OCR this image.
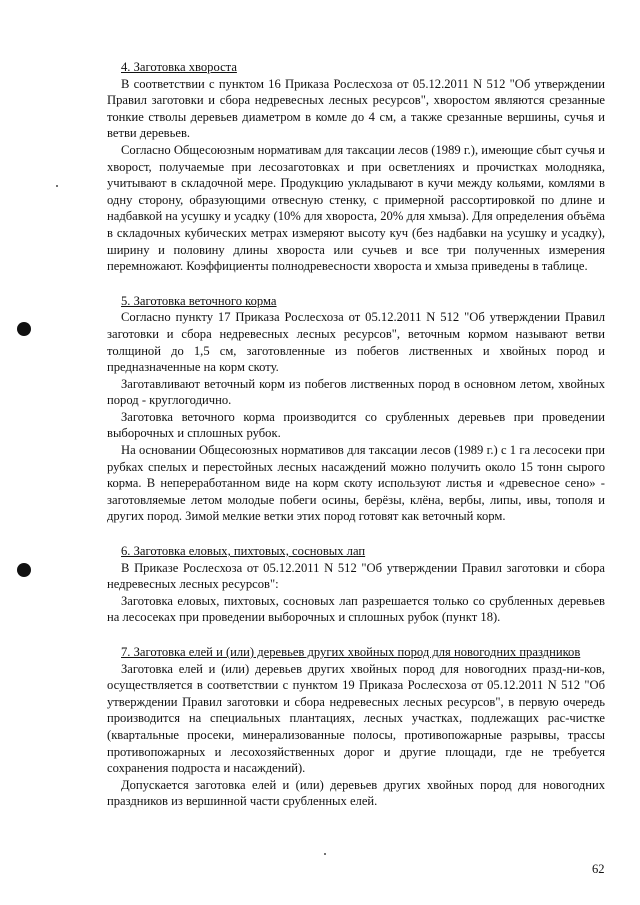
4. Заготовка хвороста

В соответствии с пунктом 16 Приказа Рослесхоза от 05.12.2011 N 512 "Об утверждении Правил заготовки и сбора недревесных лесных ресурсов", хворостом являются срезанные тонкие стволы деревьев диаметром в комле до 4 см, а также срезанные вершины, сучья и ветви деревьев.

Согласно Общесоюзным нормативам для таксации лесов (1989 г.), имеющие сбыт сучья и хворост, получаемые при лесозаготовках и при осветлениях и прочистках молодняка, учитывают в складочной мере. Продукцию укладывают в кучи между кольями, комлями в одну сторону, образующими отвесную стенку, с примерной рассортировкой по длине и надбавкой на усушку и усадку (10% для хвороста, 20% для хмыза). Для определения объёма в складочных кубических метрах измеряют высоту куч (без надбавки на усушку и усадку), ширину и половину длины хвороста или сучьев и все три полученных измерения перемножают. Коэффициенты полнодревесности хвороста и хмыза приведены в таблице.

5. Заготовка веточного корма

Согласно пункту 17 Приказа Рослесхоза от 05.12.2011 N 512 "Об утверждении Правил заготовки и сбора недревесных лесных ресурсов", веточным кормом называют ветви толщиной до 1,5 см, заготовленные из побегов лиственных и хвойных пород и предназначенные на корм скоту.

Заготавливают веточный корм из побегов лиственных пород в основном летом, хвойных пород - круглогодично.

Заготовка веточного корма производится со срубленных деревьев при проведении выборочных и сплошных рубок.

На основании Общесоюзных нормативов для таксации лесов (1989 г.) с 1 га лесосеки при рубках спелых и перестойных лесных насаждений можно получить около 15 тонн сырого корма. В непереработанном виде на корм скоту используют листья и «древесное сено» - заготовляемые летом молодые побеги осины, берёзы, клёна, вербы, липы, ивы, тополя и других пород. Зимой мелкие ветки этих пород готовят как веточный корм.

6. Заготовка еловых, пихтовых, сосновых лап

В Приказе Рослесхоза от 05.12.2011 N 512 "Об утверждении Правил заготовки и сбора недревесных лесных ресурсов":

Заготовка еловых, пихтовых, сосновых лап разрешается только со срубленных деревьев на лесосеках при проведении выборочных и сплошных рубок (пункт 18).

7. Заготовка елей и (или) деревьев других хвойных пород для новогодних праздников

Заготовка елей и (или) деревьев других хвойных пород для новогодних празд-ни-ков, осуществляется в соответствии с пунктом 19 Приказа Рослесхоза от 05.12.2011 N 512 "Об утверждении Правил заготовки и сбора недревесных лесных ресурсов", в первую очередь производится на специальных плантациях, лесных участках, подлежащих рас-чистке (квартальные просеки, минерализованные полосы, противопожарные разрывы, трассы противопожарных и лесохозяйственных дорог и другие площади, где не требуется сохранения подроста и насаждений).

Допускается заготовка елей и (или) деревьев других хвойных пород для новогодних праздников из вершинной части срубленных елей.

62
